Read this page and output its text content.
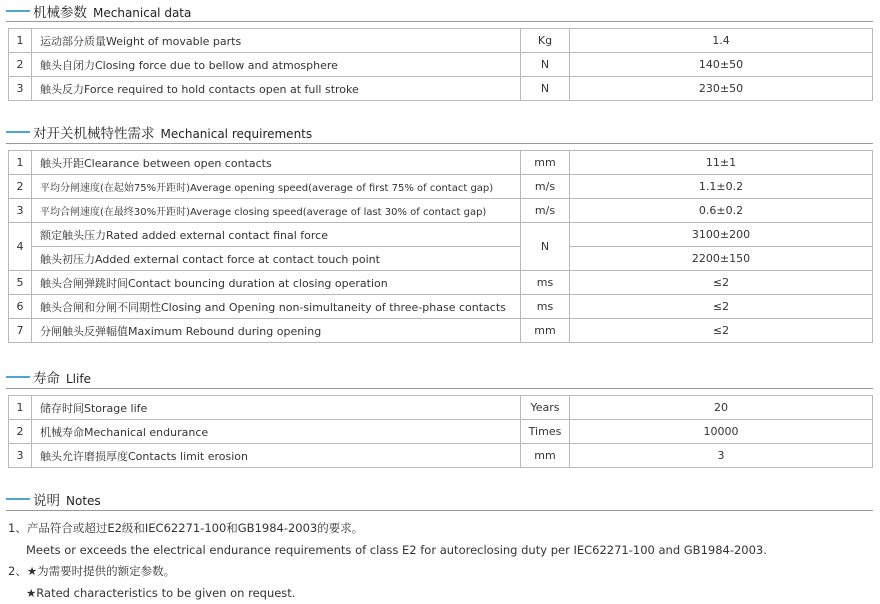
机械参数 Mechanical data
1	运动部分质量Weight of movable parts	Kg	1.4
2	触头自闭力Closing force due to bellow and atmosphere	N	140±50
3	触头反力Force required to hold contacts open at full stroke	N	230±50
对开关机械特性需求 Mechanical requirements
1	触头开距Clearance between open contacts	mm	11±1
2	平均分闸速度(在起始75%开距时)Average opening speed(average of first 75% of contact gap)	m/s	1.1±0.2
3	平均合闸速度(在最终30%开距时)Average closing speed(average of last 30% of contact gap)	m/s	0.6±0.2
4	额定触头压力Rated added external contact final force	N	3100±200
	触头初压力Added external contact force at contact touch point		2200±150
5	触头合闸弹跳时间Contact bouncing duration at closing operation	ms	≤2
6	触头合闸和分闸不同期性Closing and Opening non-simultaneity of three-phase contacts	ms	≤2
7	分闸触头反弹幅值Maximum Rebound during opening	mm	≤2
寿命 Llife
1	储存时间Storage life	Years	20
2	机械寿命Mechanical endurance	Times	10000
3	触头允许磨损厚度Contacts limit erosion	mm	3
说明 Notes
1、产品符合或超过E2级和IEC62271-100和GB1984-2003的要求。
Meets or exceeds the electrical endurance requirements of class E2 for autoreclosing duty per IEC62271-100 and GB1984-2003.
2、★为需要时提供的额定参数。
★Rated characteristics to be given on request.
